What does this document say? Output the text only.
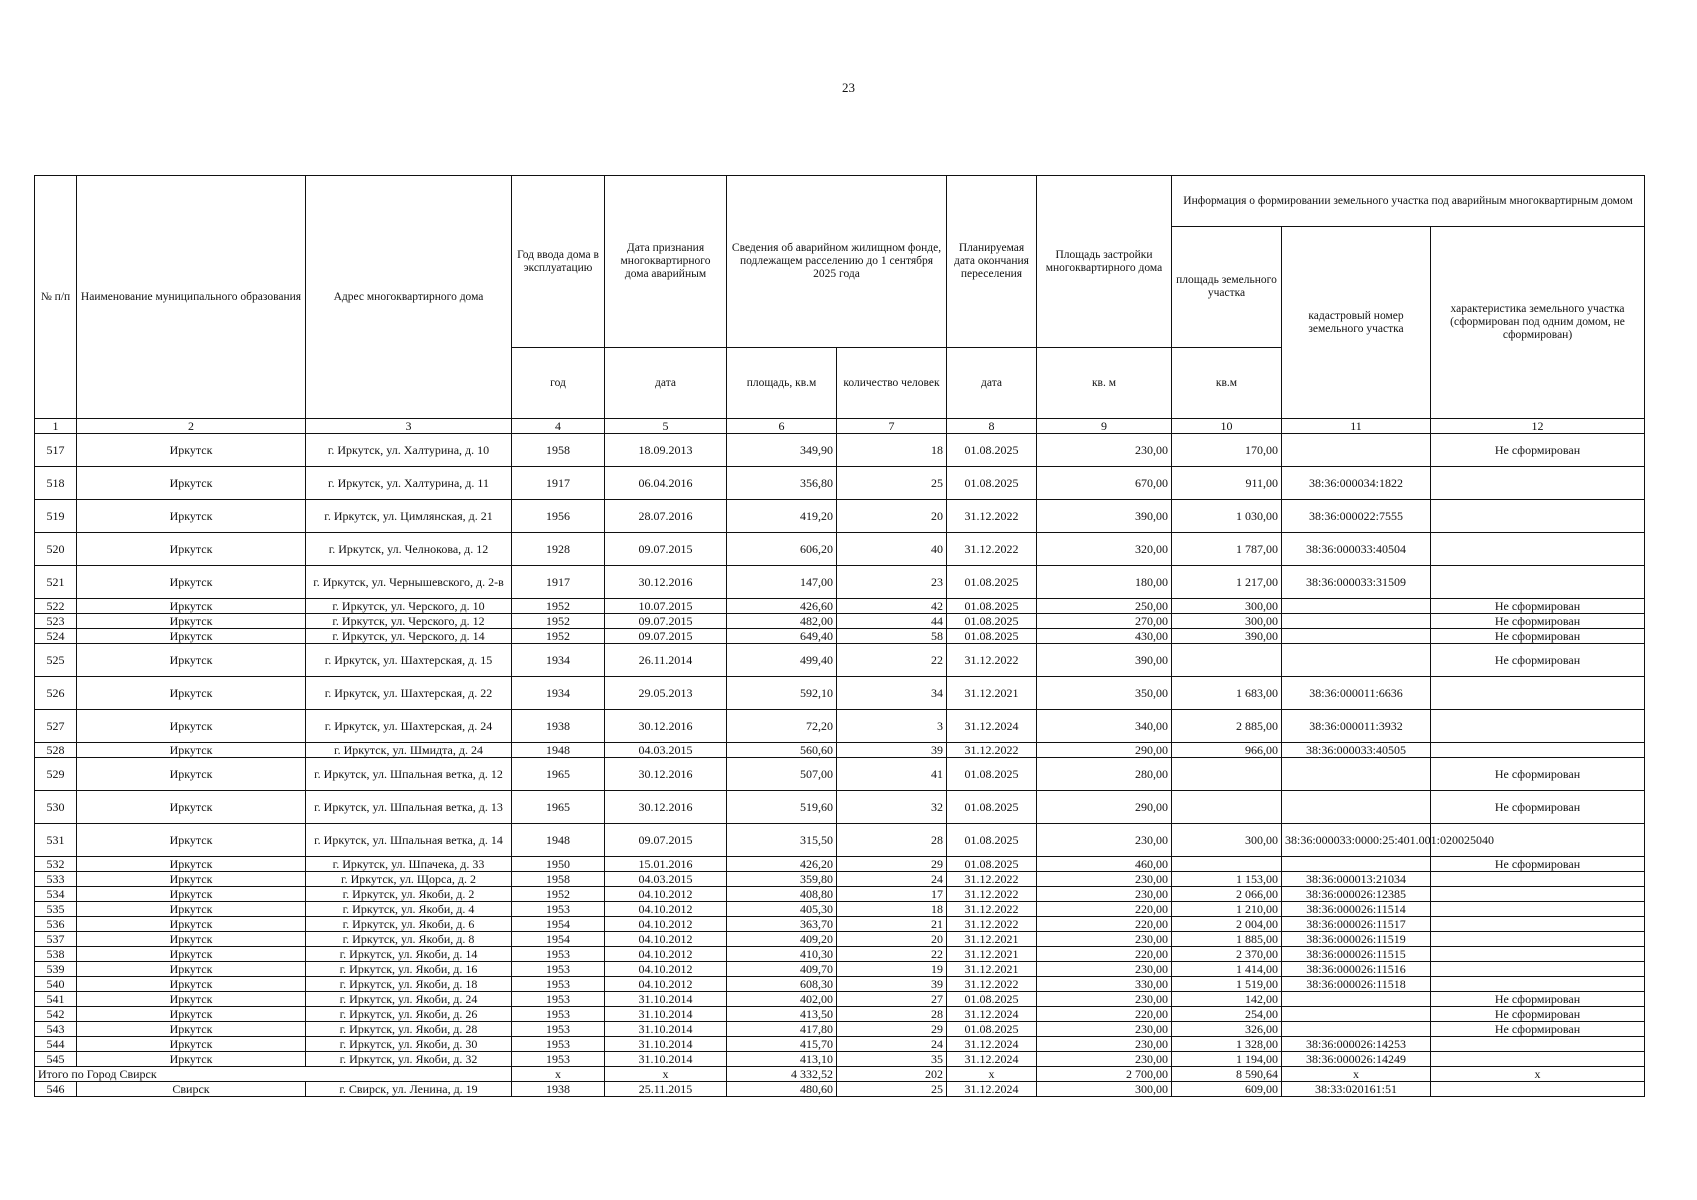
23
№ п/п	Наименование муниципального образования	Адрес многоквартирного дома	Год ввода дома в эксплуатацию	Дата признания многоквартирного дома аварийным	Сведения об аварийном жилищном фонде, подлежащем расселению до 1 сентября 2025 года		Планируемая дата окончания переселения	Площадь застройки многоквартирного дома	Информация о формировании земельного участка под аварийным многоквартирным домом		
									площадь земельного участка	кадастровый номер земельного участка	характеристика земельного участка (сформирован под одним домом, не сформирован)
			год	дата	площадь, кв.м	количество человек	дата	кв. м	кв.м		
1	2	3	4	5	6	7	8	9	10	11	12
517	Иркутск	г. Иркутск, ул. Халтурина, д. 10	1958	18.09.2013	349,90	18	01.08.2025	230,00	170,00		Не сформирован
518	Иркутск	г. Иркутск, ул. Халтурина, д. 11	1917	06.04.2016	356,80	25	01.08.2025	670,00	911,00	38:36:000034:1822	
519	Иркутск	г. Иркутск, ул. Цимлянская, д. 21	1956	28.07.2016	419,20	20	31.12.2022	390,00	1 030,00	38:36:000022:7555	
520	Иркутск	г. Иркутск, ул. Челнокова, д. 12	1928	09.07.2015	606,20	40	31.12.2022	320,00	1 787,00	38:36:000033:40504	
521	Иркутск	г. Иркутск, ул. Чернышевского, д. 2-в	1917	30.12.2016	147,00	23	01.08.2025	180,00	1 217,00	38:36:000033:31509	
522	Иркутск	г. Иркутск, ул. Черского, д. 10	1952	10.07.2015	426,60	42	01.08.2025	250,00	300,00		Не сформирован
523	Иркутск	г. Иркутск, ул. Черского, д. 12	1952	09.07.2015	482,00	44	01.08.2025	270,00	300,00		Не сформирован
524	Иркутск	г. Иркутск, ул. Черского, д. 14	1952	09.07.2015	649,40	58	01.08.2025	430,00	390,00		Не сформирован
525	Иркутск	г. Иркутск, ул. Шахтерская, д. 15	1934	26.11.2014	499,40	22	31.12.2022	390,00			Не сформирован
526	Иркутск	г. Иркутск, ул. Шахтерская, д. 22	1934	29.05.2013	592,10	34	31.12.2021	350,00	1 683,00	38:36:000011:6636	
527	Иркутск	г. Иркутск, ул. Шахтерская, д. 24	1938	30.12.2016	72,20	3	31.12.2024	340,00	2 885,00	38:36:000011:3932	
528	Иркутск	г. Иркутск, ул. Шмидта, д. 24	1948	04.03.2015	560,60	39	31.12.2022	290,00	966,00	38:36:000033:40505	
529	Иркутск	г. Иркутск, ул. Шпальная ветка, д. 12	1965	30.12.2016	507,00	41	01.08.2025	280,00			Не сформирован
530	Иркутск	г. Иркутск, ул. Шпальная ветка, д. 13	1965	30.12.2016	519,60	32	01.08.2025	290,00			Не сформирован
531	Иркутск	г. Иркутск, ул. Шпальная ветка, д. 14	1948	09.07.2015	315,50	28	01.08.2025	230,00	300,00	38:36:000033:0000:25:401.001:020025040	
532	Иркутск	г. Иркутск, ул. Шпачека, д. 33	1950	15.01.2016	426,20	29	01.08.2025	460,00			Не сформирован
533	Иркутск	г. Иркутск, ул. Щорса, д. 2	1958	04.03.2015	359,80	24	31.12.2022	230,00	1 153,00	38:36:000013:21034	
534	Иркутск	г. Иркутск, ул. Якоби, д. 2	1952	04.10.2012	408,80	17	31.12.2022	230,00	2 066,00	38:36:000026:12385	
535	Иркутск	г. Иркутск, ул. Якоби, д. 4	1953	04.10.2012	405,30	18	31.12.2022	220,00	1 210,00	38:36:000026:11514	
536	Иркутск	г. Иркутск, ул. Якоби, д. 6	1954	04.10.2012	363,70	21	31.12.2022	220,00	2 004,00	38:36:000026:11517	
537	Иркутск	г. Иркутск, ул. Якоби, д. 8	1954	04.10.2012	409,20	20	31.12.2021	230,00	1 885,00	38:36:000026:11519	
538	Иркутск	г. Иркутск, ул. Якоби, д. 14	1953	04.10.2012	410,30	22	31.12.2021	220,00	2 370,00	38:36:000026:11515	
539	Иркутск	г. Иркутск, ул. Якоби, д. 16	1953	04.10.2012	409,70	19	31.12.2021	230,00	1 414,00	38:36:000026:11516	
540	Иркутск	г. Иркутск, ул. Якоби, д. 18	1953	04.10.2012	608,30	39	31.12.2022	330,00	1 519,00	38:36:000026:11518	
541	Иркутск	г. Иркутск, ул. Якоби, д. 24	1953	31.10.2014	402,00	27	01.08.2025	230,00	142,00		Не сформирован
542	Иркутск	г. Иркутск, ул. Якоби, д. 26	1953	31.10.2014	413,50	28	31.12.2024	220,00	254,00		Не сформирован
543	Иркутск	г. Иркутск, ул. Якоби, д. 28	1953	31.10.2014	417,80	29	01.08.2025	230,00	326,00		Не сформирован
544	Иркутск	г. Иркутск, ул. Якоби, д. 30	1953	31.10.2014	415,70	24	31.12.2024	230,00	1 328,00	38:36:000026:14253	
545	Иркутск	г. Иркутск, ул. Якоби, д. 32	1953	31.10.2014	413,10	35	31.12.2024	230,00	1 194,00	38:36:000026:14249	
Итого по Город Свирск			x	x	4 332,52	202	x	2 700,00	8 590,64	x	x
546	Свирск	г. Свирск, ул. Ленина, д. 19	1938	25.11.2015	480,60	25	31.12.2024	300,00	609,00	38:33:020161:51	
